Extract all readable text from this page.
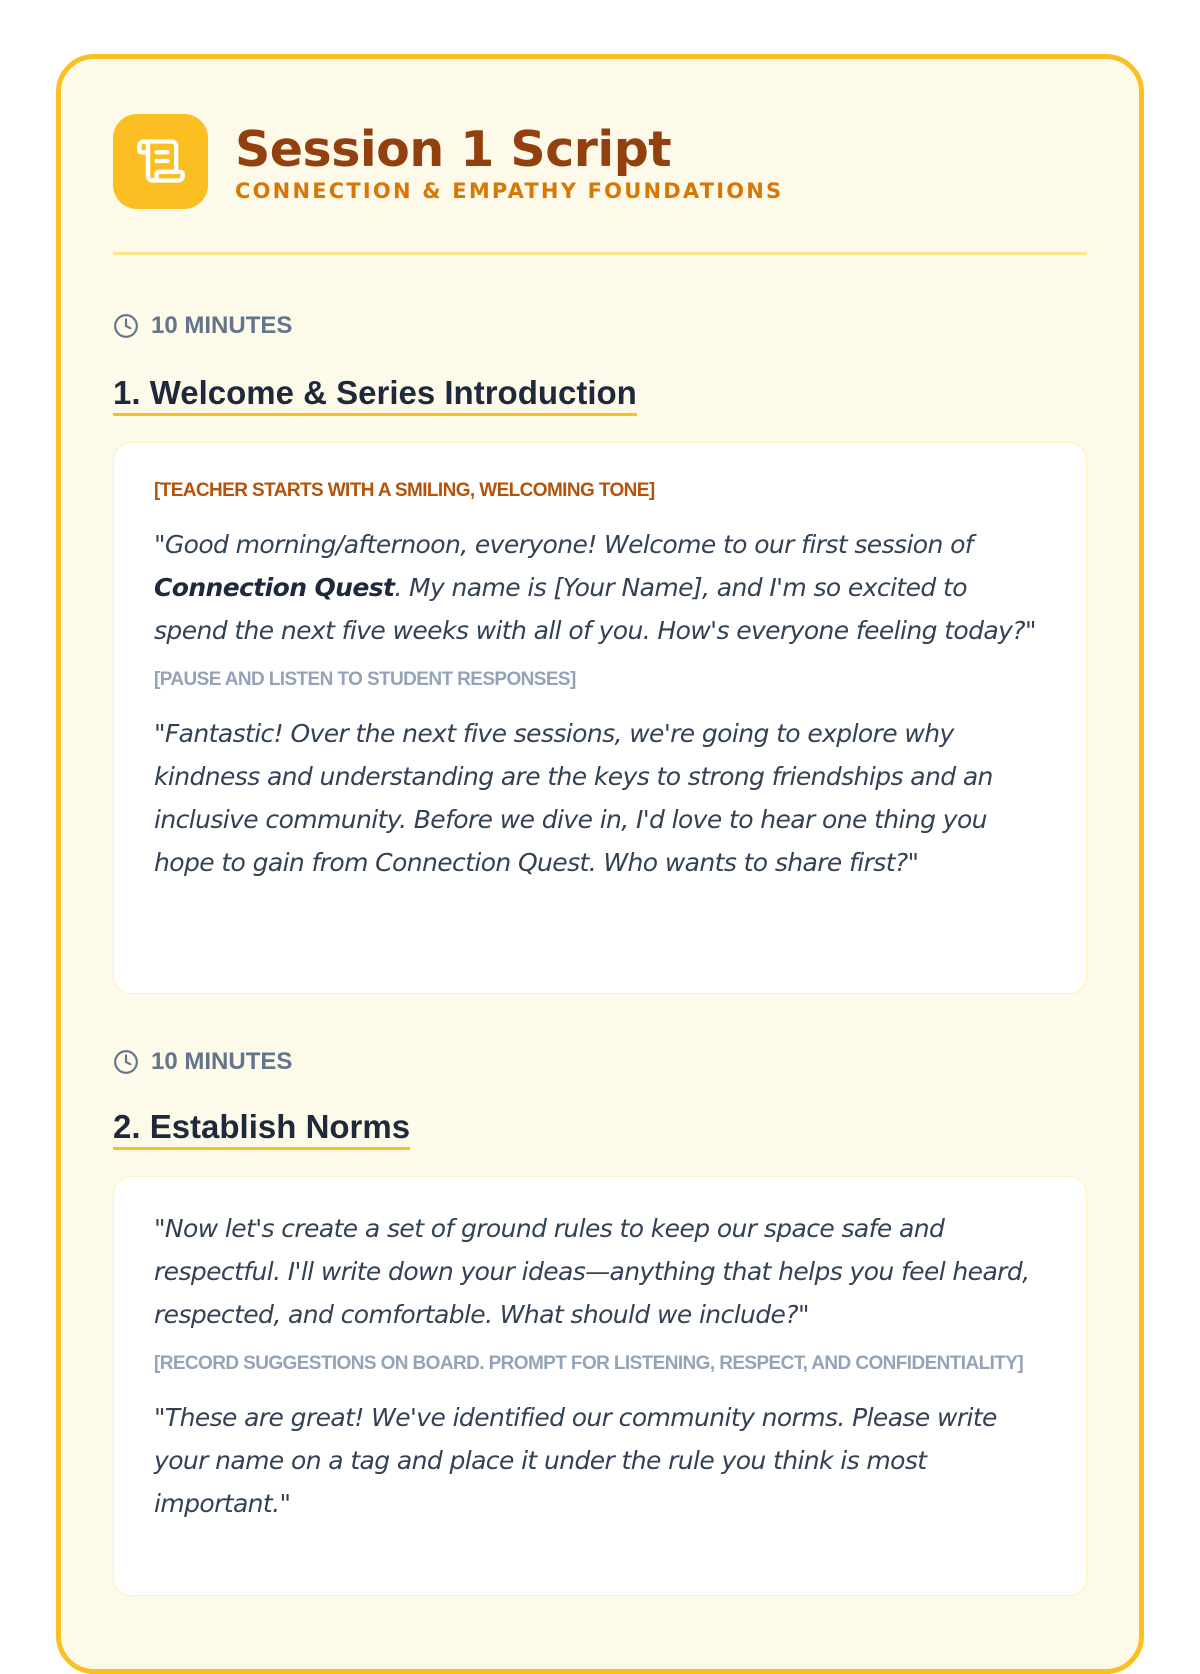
Session 1 Script
CONNECTION & EMPATHY FOUNDATIONS
10 MINUTES
1. Welcome & Series Introduction
[TEACHER STARTS WITH A SMILING, WELCOMING TONE]

"Good morning/afternoon, everyone! Welcome to our first session of Connection Quest. My name is [Your Name], and I'm so excited to spend the next five weeks with all of you. How's everyone feeling today?"

[PAUSE AND LISTEN TO STUDENT RESPONSES]

"Fantastic! Over the next five sessions, we're going to explore why kindness and understanding are the keys to strong friendships and an inclusive community. Before we dive in, I'd love to hear one thing you hope to gain from Connection Quest. Who wants to share first?"

10 MINUTES
2. Establish Norms

"Now let's create a set of ground rules to keep our space safe and respectful. I'll write down your ideas—anything that helps you feel heard, respected, and comfortable. What should we include?"

[RECORD SUGGESTIONS ON BOARD. PROMPT FOR LISTENING, RESPECT, AND CONFIDENTIALITY]

"These are great! We've identified our community norms. Please write your name on a tag and place it under the rule you think is most important."
